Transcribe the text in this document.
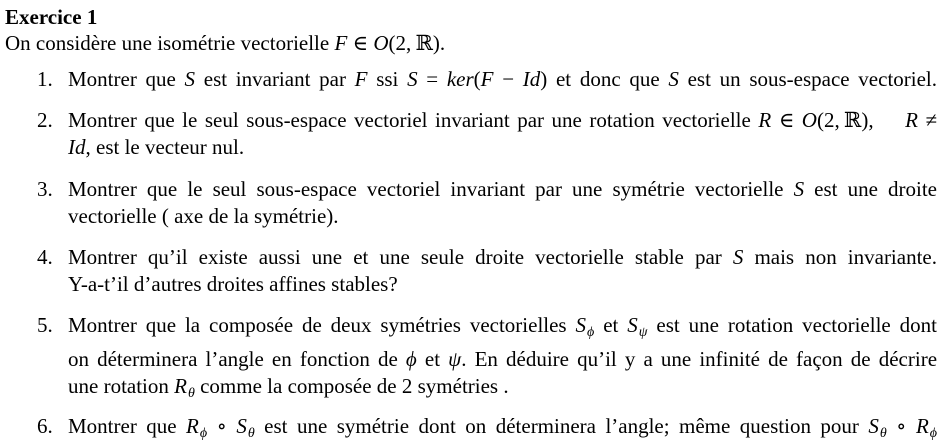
Exercice 1
On considère une isométrie vectorielle F ∈ O(2, ℝ).
1. Montrer que S est invariant par F ssi S = ker(F − Id) et donc que S est un sous-espace vectoriel.
2. Montrer que le seul sous-espace vectoriel invariant par une rotation vectorielle R ∈ O(2, ℝ),  R ≠
Id, est le vecteur nul.
3. Montrer que le seul sous-espace vectoriel invariant par une symétrie vectorielle S est une droite
vectorielle ( axe de la symétrie).
4. Montrer qu’il existe aussi une et une seule droite vectorielle stable par S mais non invariante.
Y-a-t’il d’autres droites affines stables?
5. Montrer que la composée de deux symétries vectorielles $S_\phi$ et $S_\psi$ est une rotation vectorielle dont
on déterminera l’angle en fonction de ϕ et ψ. En déduire qu’il y a une infinité de façon de décrire
une rotation $R_\theta$ comme la composée de 2 symétries .
6. Montrer que $R_\phi$ ∘ $S_\theta$ est une symétrie dont on déterminera l’angle; même question pour $S_\theta$ ∘ $R_\phi$
